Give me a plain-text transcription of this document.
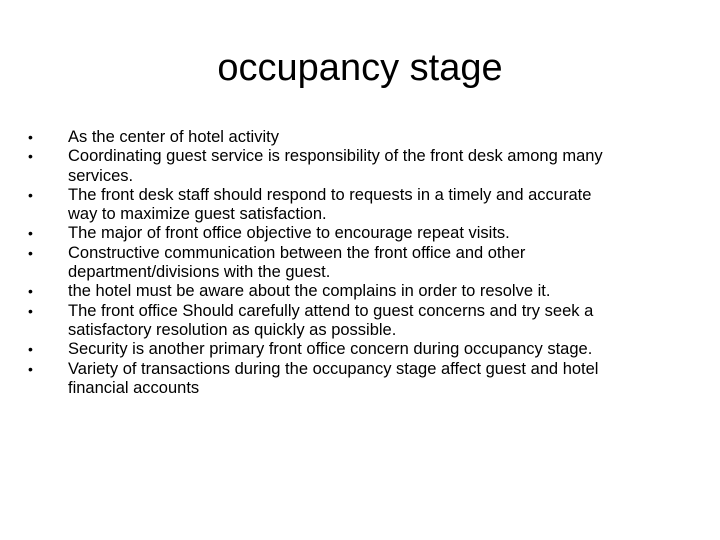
occupancy stage
•	As the center of hotel activity
•	Coordinating guest service is responsibility of the front desk among many
services.
•	The front desk staff should respond to requests in a timely and accurate
way to maximize guest satisfaction.
•	The major of front office objective to encourage repeat visits.
•	Constructive communication between the front office and other
department/divisions with the guest.
•	the hotel must be aware about the complains in order to resolve it.
•	The front office Should carefully attend to guest concerns and try seek a
satisfactory resolution as quickly as possible.
•	Security is another primary front office concern during occupancy stage.
•	Variety of transactions during the occupancy stage affect guest and hotel
financial accounts
